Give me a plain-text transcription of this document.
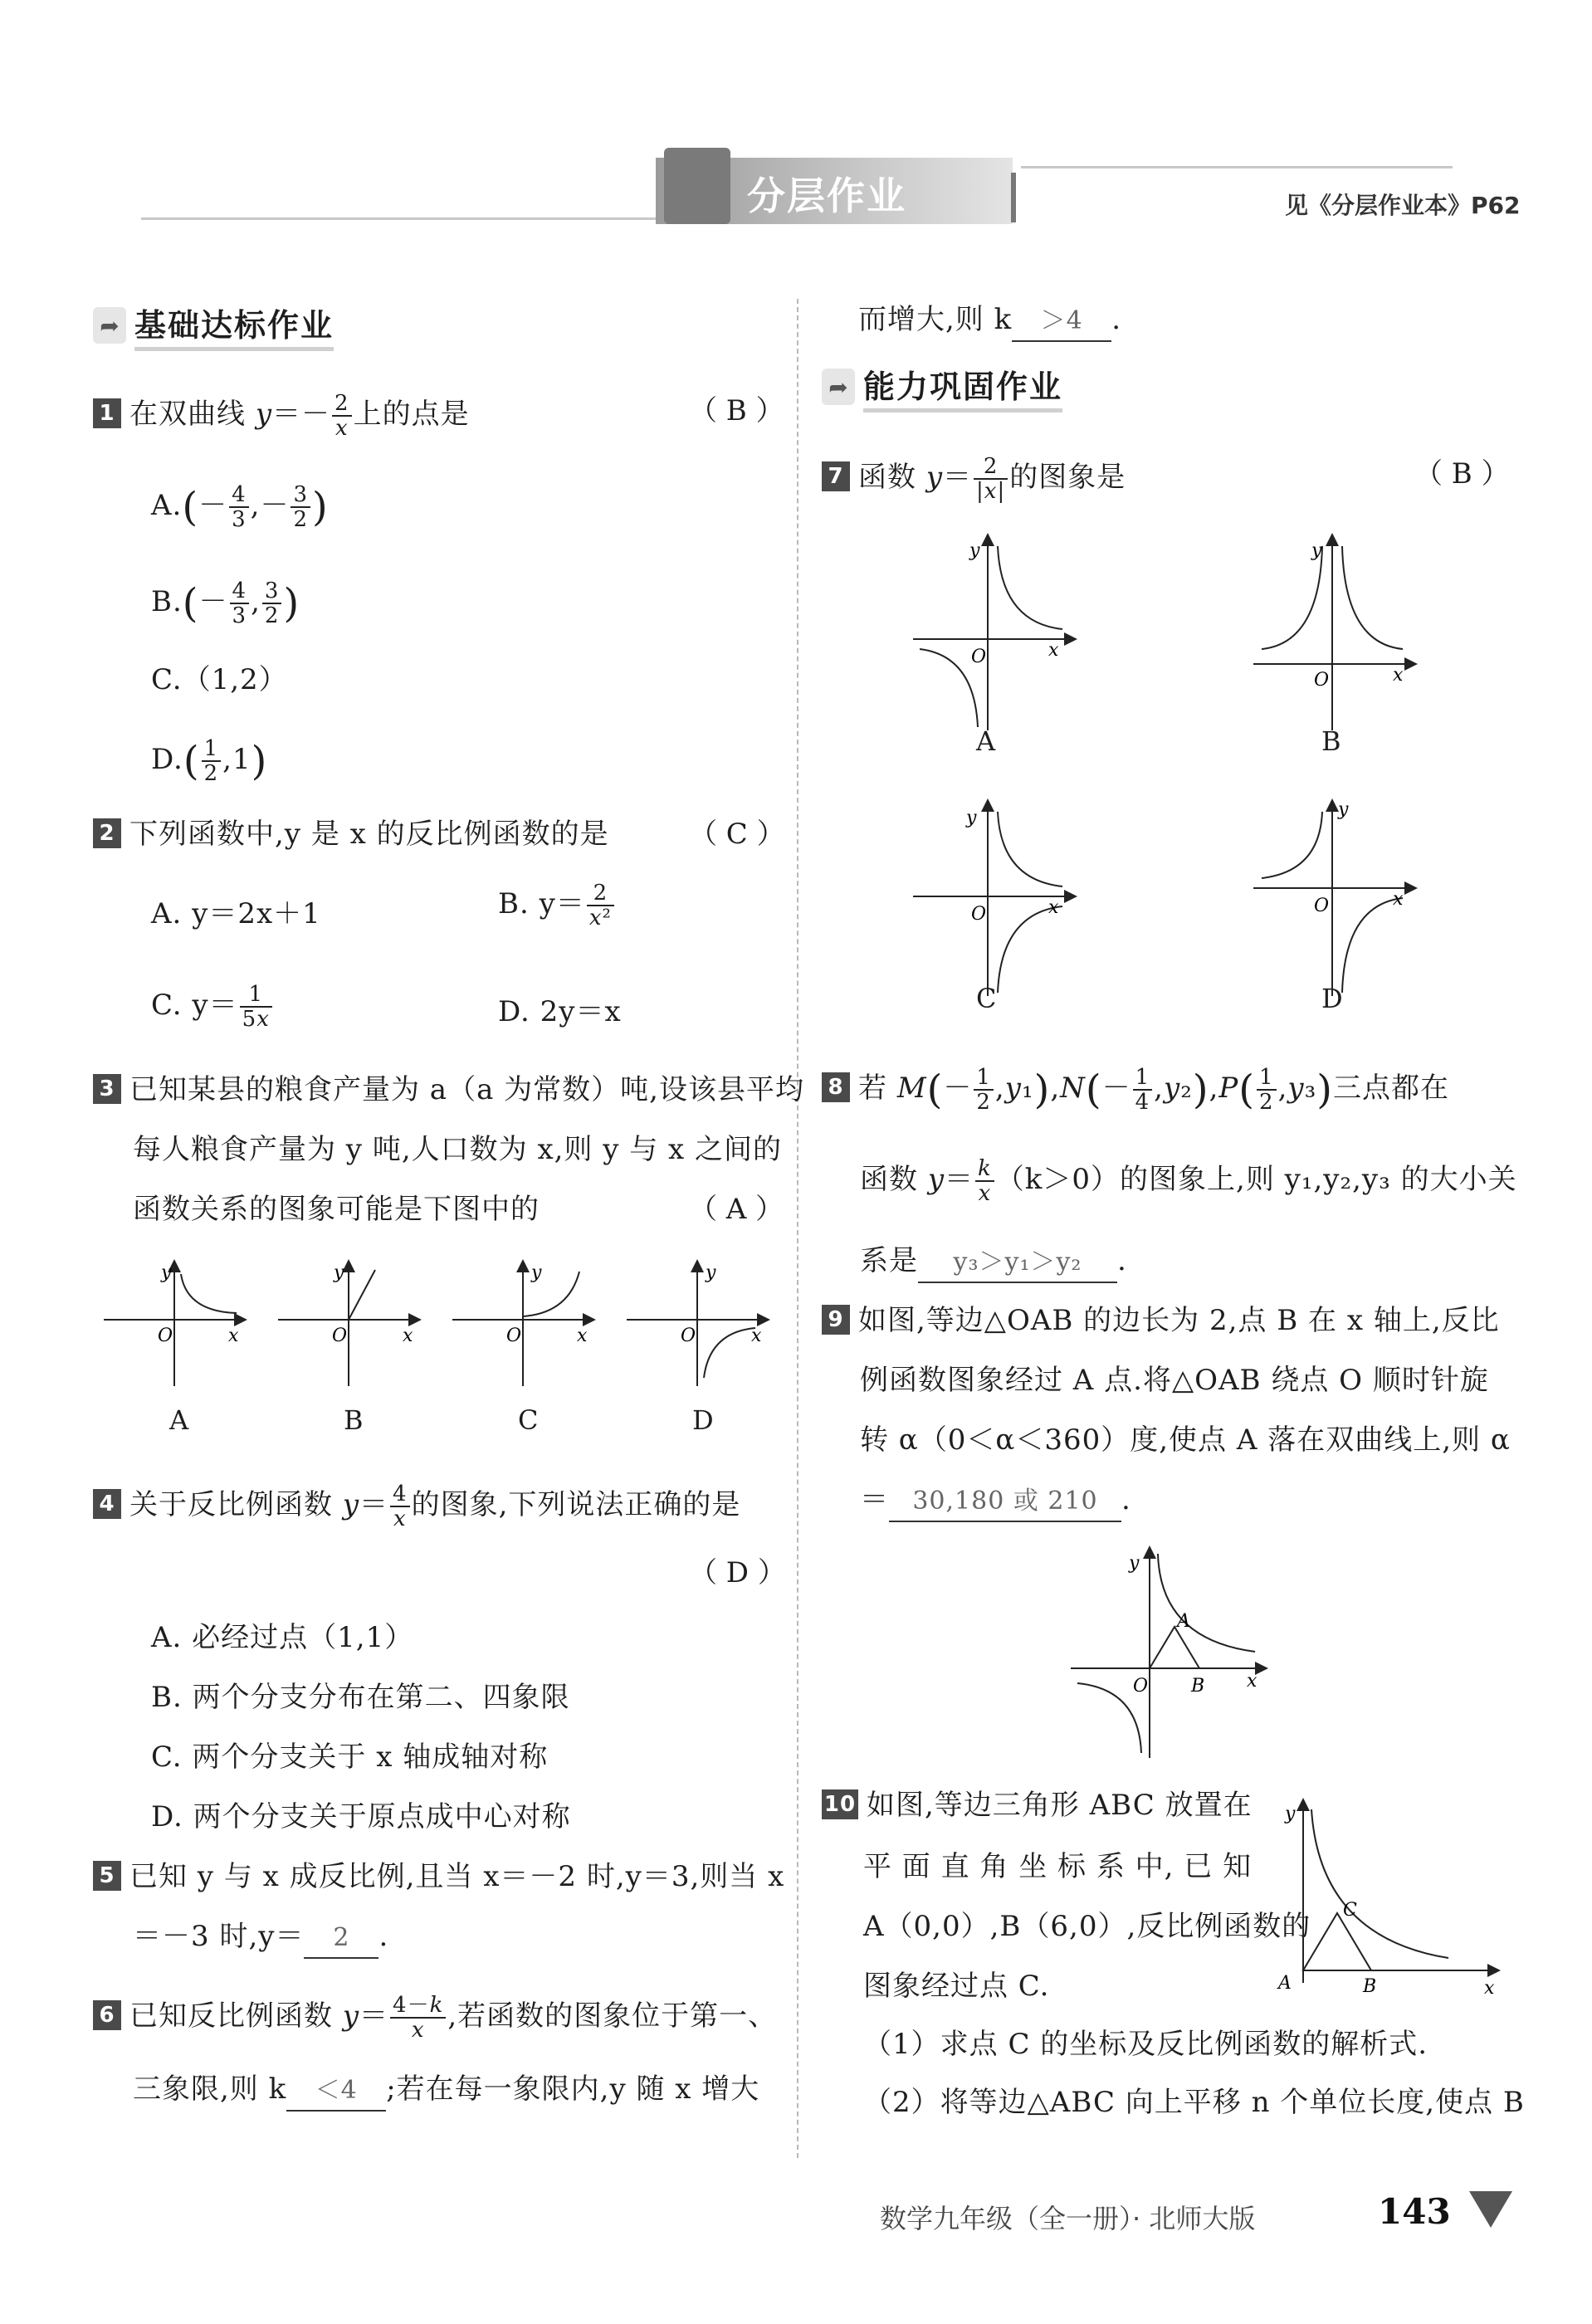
分层作业	见《分层作业本》P62
➦ 基础达标作业
1 在双曲线 $y=- \frac{2}{x}$ 上的点是	（ B ）
$A.(- \frac{4}{3}$ ,－ $\frac{3}{2}$ )
$B.(- \frac{4}{3}$ , $\frac{3}{2}$ )
C.（1,2）
$D.( \frac{1}{2} ,1)$
2 下列函数中,y 是 x 的反比例函数的是	（ C ）
A. y＝2x＋1	B. $y= \frac{2}{\text{x²}}$
C. $y= \frac{1}{5x}$	D. 2y＝x
3 已知某县的粮食产量为 a（a 为常数）吨,设该县平均
每人粮食产量为 y 吨,人口数为 x,则 y 与 x 之间的
函数关系的图象可能是下图中的	（ A ）
y
O	x
y
O	x
y
O	x
y
O	x
A	B	C	D
4 关于反比例函数 $y= \frac{4}{x}$ 的图象,下列说法正确的是
（ D ）
A. 必经过点（1,1）
B. 两个分支分布在第二、四象限
C. 两个分支关于 x 轴成轴对称
D. 两个分支关于原点成中心对称
5 已知 y 与 x 成反比例,且当 x＝－2 时,y＝3,则当 x
＝－3 时,y＝ 2 .
6 已知反比例函数 $y= \frac{4-k}{x}$ ,若函数的图象位于第一、
三象限,则 k ＜4 ;若在每一象限内,y 随 x 增大
而增大,则 k ＞4 .
➦ 能力巩固作业
7 函数 $y= \frac{2}{|x|}$ 的图象是	（ B ）
y
O	x
y
O	x
y
O	x
y
O	x
A	B
C	D
8 若 $M(- \frac{1}{2} ,y_1),N(- \frac{1}{4} ,y_2),P( \frac{1}{2} ,y_3)$三点都在
函数 $y= \frac{k}{x} (k>0)$的图象上,则 y₁,y₂,y₃ 的大小关
系是 y₃＞y₁＞y₂ .
9 如图,等边△OAB 的边长为 2,点 B 在 x 轴上,反比
例函数图象经过 A 点.将△OAB 绕点 O 顺时针旋
转 α（0＜α＜360）度,使点 A 落在双曲线上,则 α
＝ 30,180 或 210 .
y
O B
A
x
10 如图,等边三角形 ABC 放置在
平 面 直 角 坐 标 系 中, 已 知
A（0,0）,B（6,0）,反比例函数的
图象经过点 C.
（1）求点 C 的坐标及反比例函数的解析式.
（2）将等边△ABC 向上平移 n 个单位长度,使点 B
y
A	B
C
x
数学九年级（全一册）· 北师大版	143
